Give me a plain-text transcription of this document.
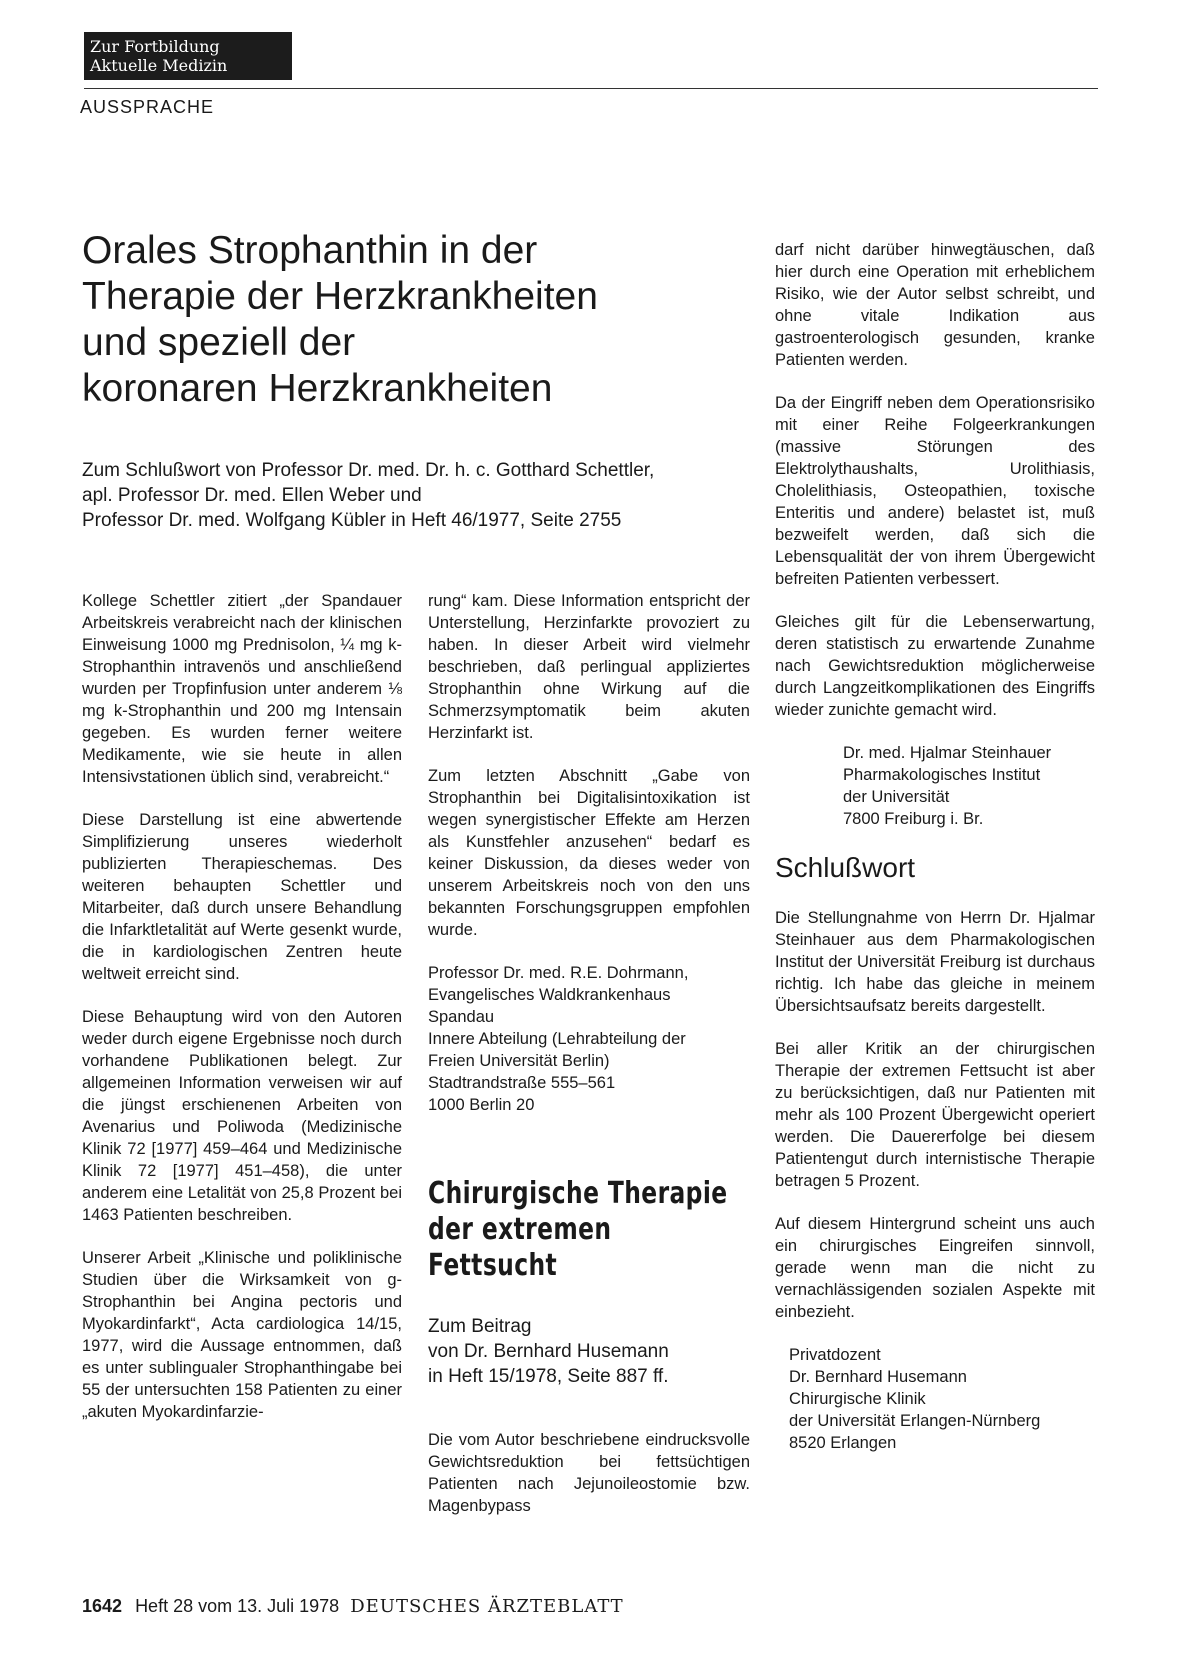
Zur Fortbildung
Aktuelle Medizin
AUSSPRACHE
Orales Strophanthin in der
Therapie der Herzkrankheiten
und speziell der
koronaren Herzkrankheiten
Zum Schlußwort von Professor Dr. med. Dr. h. c. Gotthard Schettler,
apl. Professor Dr. med. Ellen Weber und
Professor Dr. med. Wolfgang Kübler in Heft 46/1977, Seite 2755

Kollege Schettler zitiert „der Spandauer Arbeitskreis verabreicht nach der klinischen Einweisung 1000 mg Prednisolon, ¼ mg k-Strophanthin intravenös und anschließend wurden per Tropfinfusion unter anderem ⅛ mg k-Strophanthin und 200 mg Intensain gegeben. Es wurden ferner weitere Medikamente, wie sie heute in allen Intensivstationen üblich sind, verabreicht.“

Diese Darstellung ist eine abwertende Simplifizierung unseres wiederholt publizierten Therapieschemas. Des weiteren behaupten Schettler und Mitarbeiter, daß durch unsere Behandlung die Infarktletalität auf Werte gesenkt wurde, die in kardiologischen Zentren heute weltweit erreicht sind.

Diese Behauptung wird von den Autoren weder durch eigene Ergebnisse noch durch vorhandene Publikationen belegt. Zur allgemeinen Information verweisen wir auf die jüngst erschienenen Arbeiten von Avenarius und Poliwoda (Medizinische Klinik 72 [1977] 459–464 und Medizinische Klinik 72 [1977] 451–458), die unter anderem eine Letalität von 25,8 Prozent bei 1463 Patienten beschreiben.

Unserer Arbeit „Klinische und poliklinische Studien über die Wirksamkeit von g-Strophanthin bei Angina pectoris und Myokardinfarkt“, Acta cardiologica 14/15, 1977, wird die Aussage entnommen, daß es unter sublingualer Strophanthingabe bei 55 der untersuchten 158 Patienten zu einer „akuten Myokardinfarzie-

rung“ kam. Diese Information entspricht der Unterstellung, Herzinfarkte provoziert zu haben. In dieser Arbeit wird vielmehr beschrieben, daß perlingual appliziertes Strophanthin ohne Wirkung auf die Schmerzsymptomatik beim akuten Herzinfarkt ist.

Zum letzten Abschnitt „Gabe von Strophanthin bei Digitalisintoxikation ist wegen synergistischer Effekte am Herzen als Kunstfehler anzusehen“ bedarf es keiner Diskussion, da dieses weder von unserem Arbeitskreis noch von den uns bekannten Forschungsgruppen empfohlen wurde.

Professor Dr. med. R.E. Dohrmann,
Evangelisches Waldkrankenhaus
Spandau
Innere Abteilung (Lehrabteilung der
Freien Universität Berlin)
Stadtrandstraße 555–561
1000 Berlin 20
Chirurgische Therapie
der extremen Fettsucht
Zum Beitrag
von Dr. Bernhard Husemann
in Heft 15/1978, Seite 887 ff.

Die vom Autor beschriebene eindrucksvolle Gewichtsreduktion bei fettsüchtigen Patienten nach Jejunoileostomie bzw. Magenbypass

darf nicht darüber hinwegtäuschen, daß hier durch eine Operation mit erheblichem Risiko, wie der Autor selbst schreibt, und ohne vitale Indikation aus gastroenterologisch gesunden, kranke Patienten werden.

Da der Eingriff neben dem Operationsrisiko mit einer Reihe Folgeerkrankungen (massive Störungen des Elektrolythaushalts, Urolithiasis, Cholelithiasis, Osteopathien, toxische Enteritis und andere) belastet ist, muß bezweifelt werden, daß sich die Lebensqualität der von ihrem Übergewicht befreiten Patienten verbessert.

Gleiches gilt für die Lebenserwartung, deren statistisch zu erwartende Zunahme nach Gewichtsreduktion möglicherweise durch Langzeitkomplikationen des Eingriffs wieder zunichte gemacht wird.

Dr. med. Hjalmar Steinhauer
Pharmakologisches Institut
der Universität
7800 Freiburg i. Br.
Schlußwort

Die Stellungnahme von Herrn Dr. Hjalmar Steinhauer aus dem Pharmakologischen Institut der Universität Freiburg ist durchaus richtig. Ich habe das gleiche in meinem Übersichtsaufsatz bereits dargestellt.

Bei aller Kritik an der chirurgischen Therapie der extremen Fettsucht ist aber zu berücksichtigen, daß nur Patienten mit mehr als 100 Prozent Übergewicht operiert werden. Die Dauererfolge bei diesem Patientengut durch internistische Therapie betragen 5 Prozent.

Auf diesem Hintergrund scheint uns auch ein chirurgisches Eingreifen sinnvoll, gerade wenn man die nicht zu vernachlässigenden sozialen Aspekte mit einbezieht.

Privatdozent
Dr. Bernhard Husemann
Chirurgische Klinik
der Universität Erlangen-Nürnberg
8520 Erlangen
1642 Heft 28 vom 13. Juli 1978 DEUTSCHES ÄRZTEBLATT
